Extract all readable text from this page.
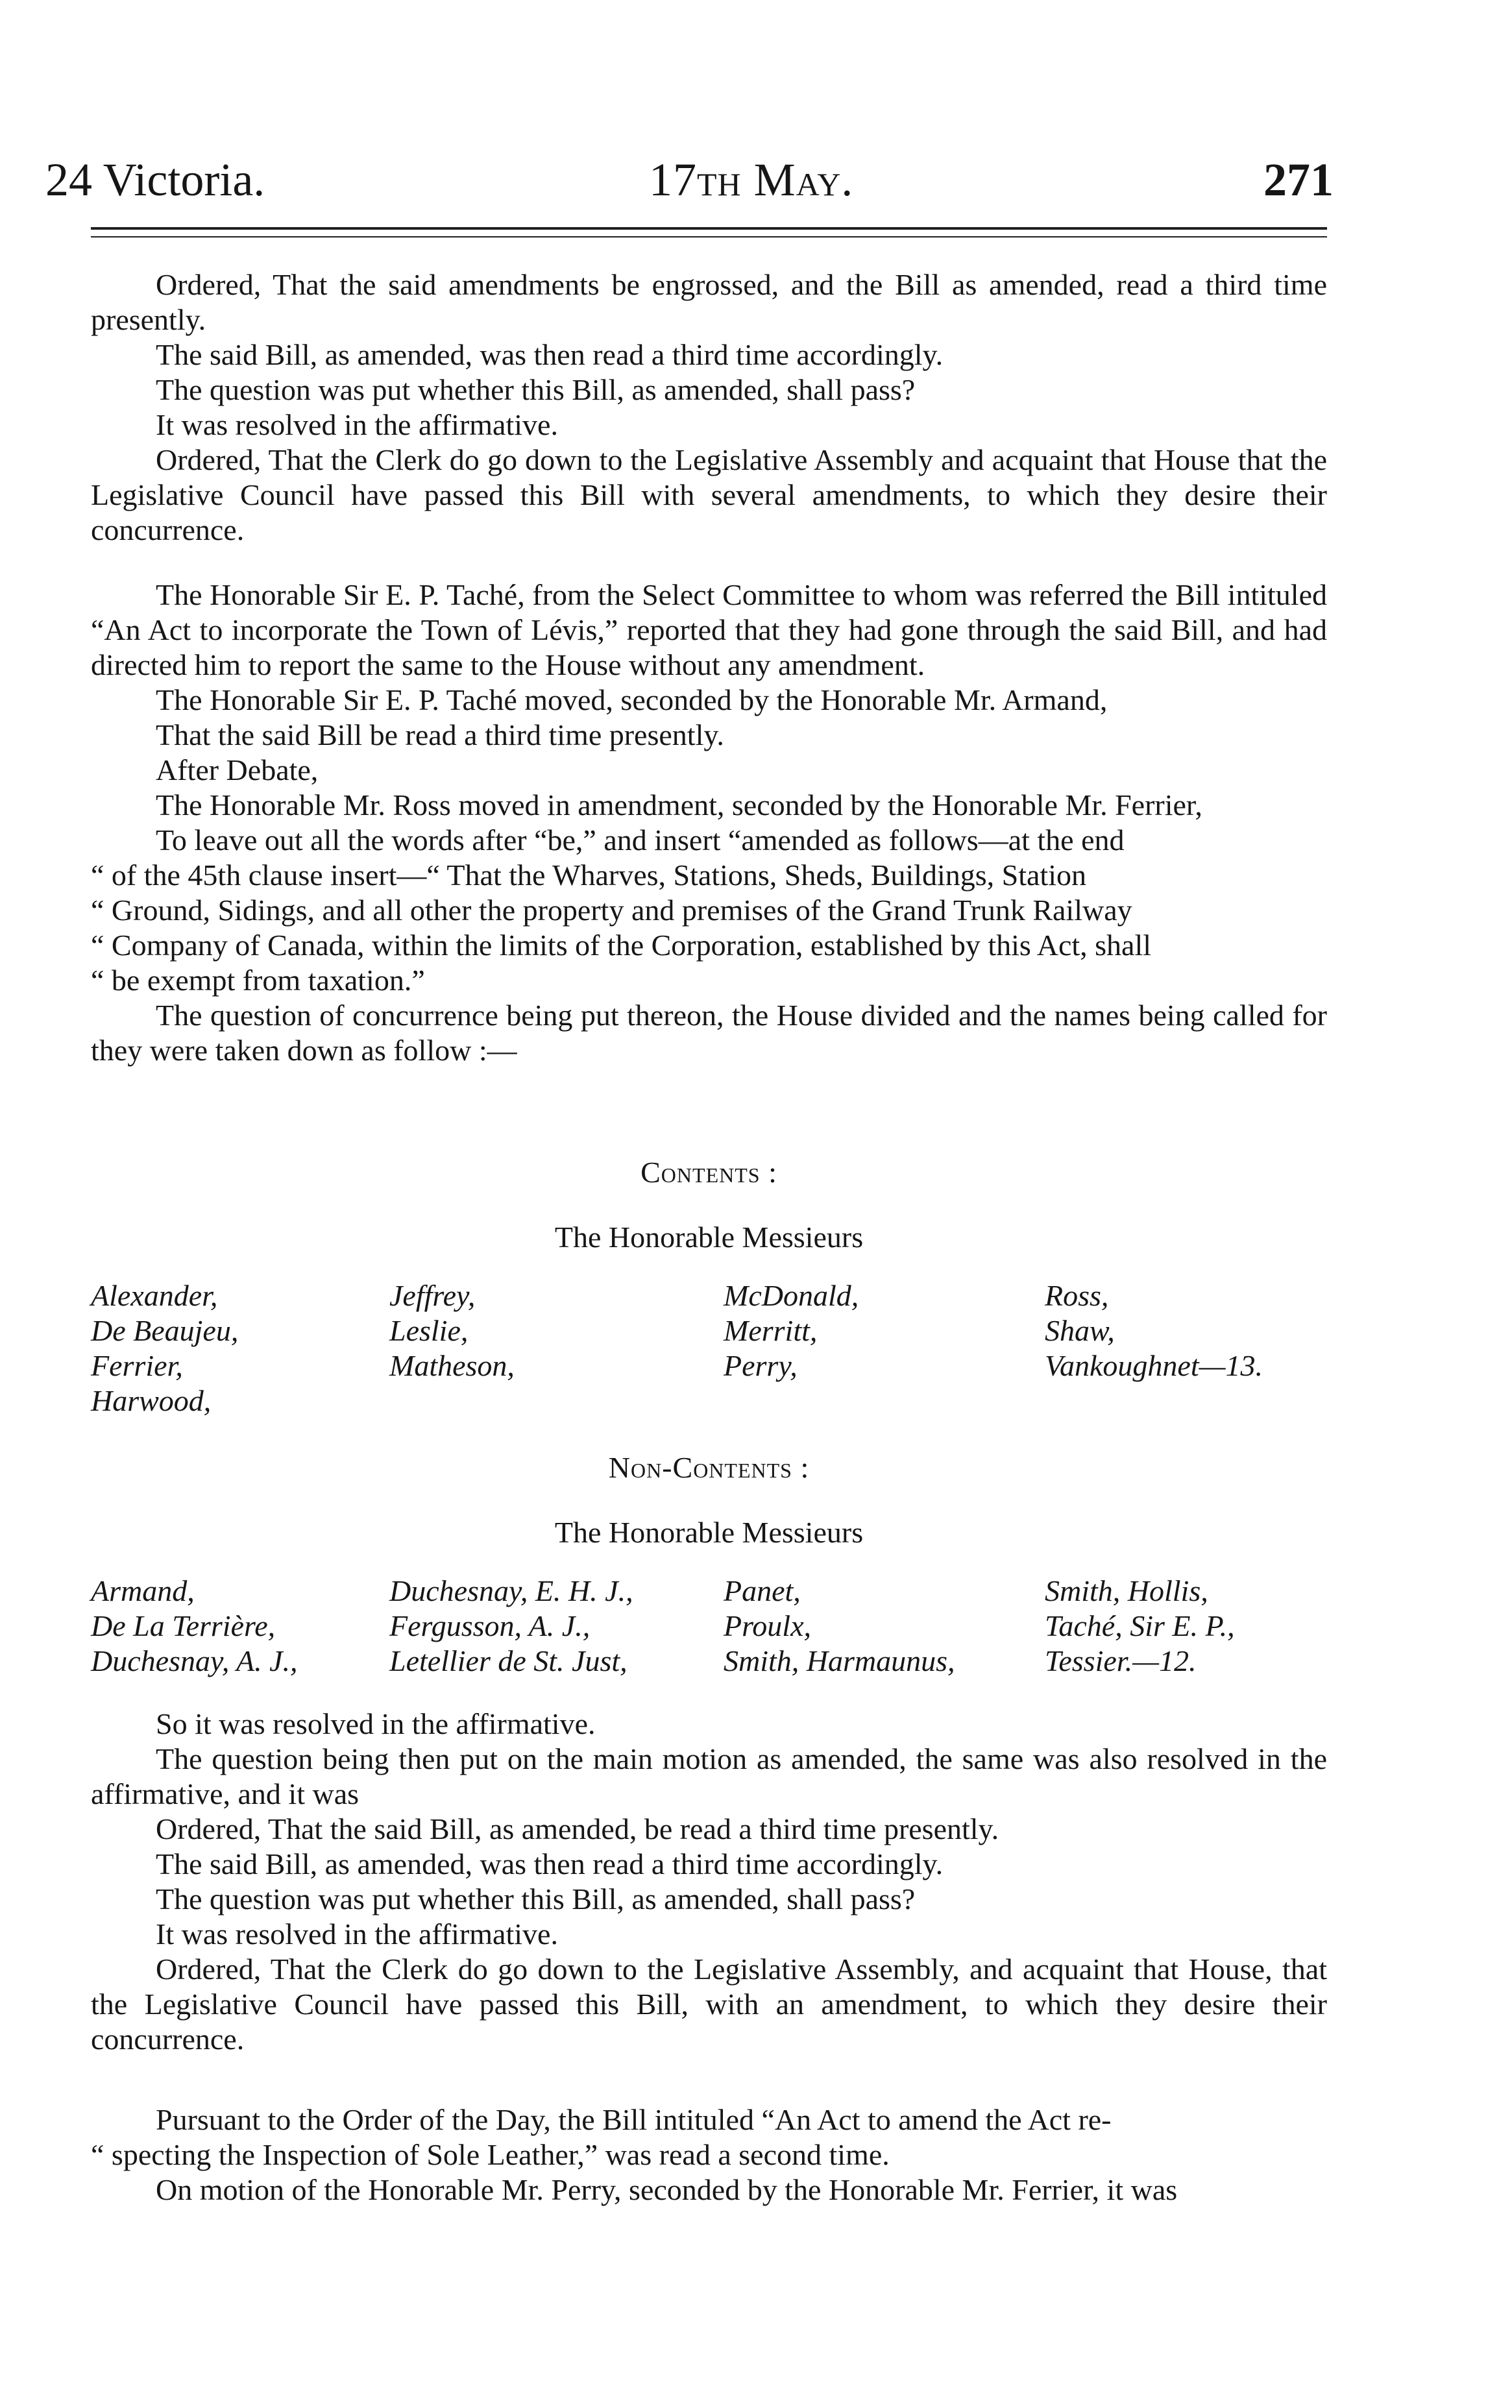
24 Victoria.	17th May.	271

Ordered, That the said amendments be engrossed, and the Bill as amended, read a third time presently.

The said Bill, as amended, was then read a third time accordingly.

The question was put whether this Bill, as amended, shall pass?

It was resolved in the affirmative.

Ordered, That the Clerk do go down to the Legislative Assembly and acquaint that House that the Legislative Council have passed this Bill with several amendments, to which they desire their concurrence.

The Honorable Sir E. P. Taché, from the Select Committee to whom was referred the Bill intituled “An Act to incorporate the Town of Lévis,” reported that they had gone through the said Bill, and had directed him to report the same to the House without any amendment.

The Honorable Sir E. P. Taché moved, seconded by the Honorable Mr. Armand,

That the said Bill be read a third time presently.

After Debate,

The Honorable Mr. Ross moved in amendment, seconded by the Honorable Mr. Ferrier,

To leave out all the words after “be,” and insert “amended as follows—at the end

“ of the 45th clause insert—“ That the Wharves, Stations, Sheds, Buildings, Station

“ Ground, Sidings, and all other the property and premises of the Grand Trunk Railway

“ Company of Canada, within the limits of the Corporation, established by this Act, shall

“ be exempt from taxation.”

The question of concurrence being put thereon, the House divided and the names being called for they were taken down as follow :—

Contents :

The Honorable Messieurs

Alexander,
De Beaujeu,
Ferrier,
Harwood,
Jeffrey,
Leslie,
Matheson,
McDonald,
Merritt,
Perry,
Ross,
Shaw,
Vankoughnet—13.

Non-Contents :

The Honorable Messieurs

Armand,
De La Terrière,
Duchesnay, A. J.,
Duchesnay, E. H. J.,
Fergusson, A. J.,
Letellier de St. Just,
Panet,
Proulx,
Smith, Harmaunus,
Smith, Hollis,
Taché, Sir E. P.,
Tessier.—12.

So it was resolved in the affirmative.

The question being then put on the main motion as amended, the same was also resolved in the affirmative, and it was

Ordered, That the said Bill, as amended, be read a third time presently.

The said Bill, as amended, was then read a third time accordingly.

The question was put whether this Bill, as amended, shall pass?

It was resolved in the affirmative.

Ordered, That the Clerk do go down to the Legislative Assembly, and acquaint that House, that the Legislative Council have passed this Bill, with an amendment, to which they desire their concurrence.

Pursuant to the Order of the Day, the Bill intituled “An Act to amend the Act re-

“ specting the Inspection of Sole Leather,” was read a second time.

On motion of the Honorable Mr. Perry, seconded by the Honorable Mr. Ferrier, it was
